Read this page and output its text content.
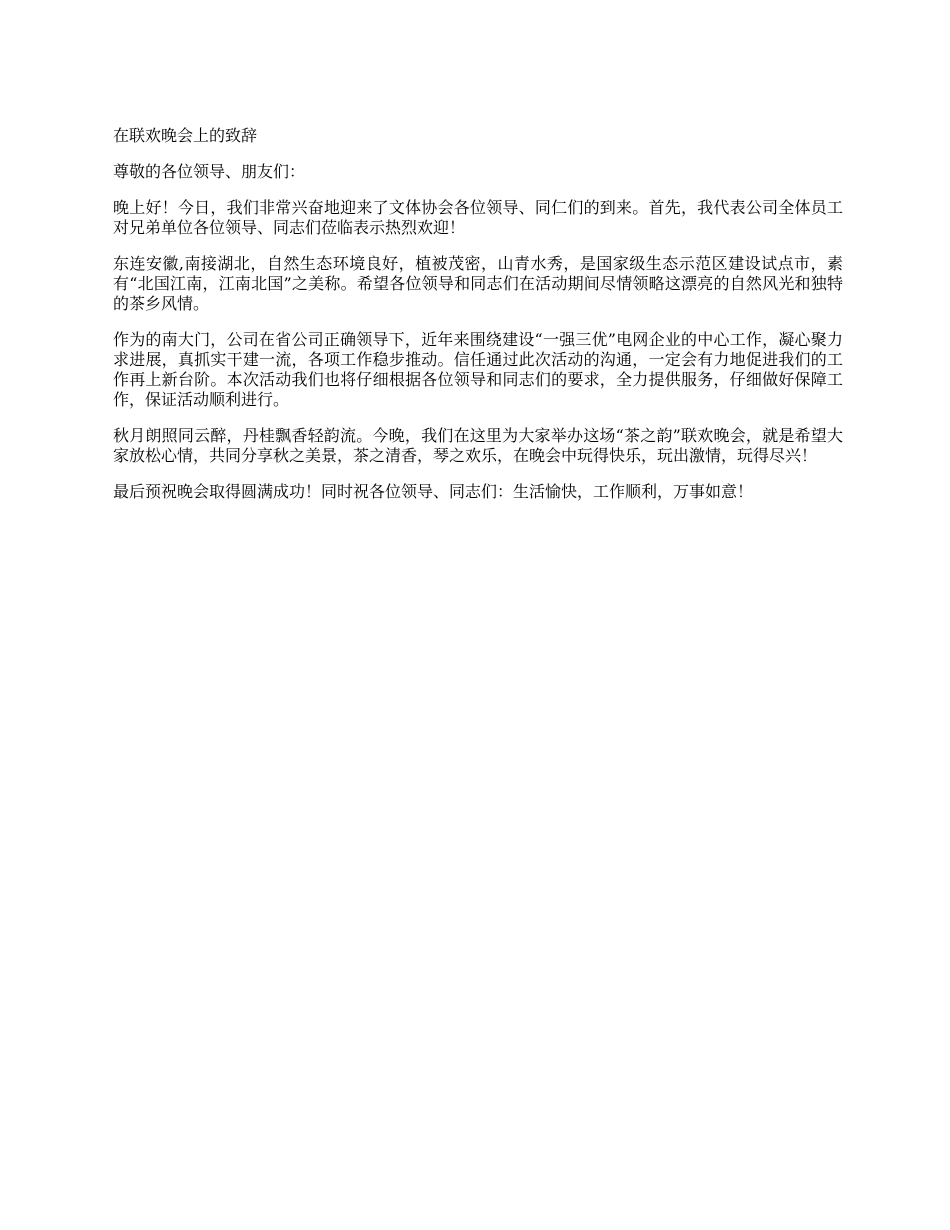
在联欢晚会上的致辞
尊敬的各位领导、朋友们：
晚上好！今日，我们非常兴奋地迎来了文体协会各位领导、同仁们的到来。首先，我代表公司全体员工对兄弟单位各位领导、同志们莅临表示热烈欢迎！
东连安徽,南接湖北，自然生态环境良好，植被茂密，山青水秀，是国家级生态示范区建设试点市，素有“北国江南，江南北国”之美称。希望各位领导和同志们在活动期间尽情领略这漂亮的自然风光和独特的茶乡风情。
作为的南大门，公司在省公司正确领导下，近年来围绕建设“一强三优”电网企业的中心工作，凝心聚力求进展，真抓实干建一流，各项工作稳步推动。信任通过此次活动的沟通，一定会有力地促进我们的工作再上新台阶。本次活动我们也将仔细根据各位领导和同志们的要求，全力提供服务，仔细做好保障工作，保证活动顺利进行。
秋月朗照同云醉，丹桂飘香轻韵流。今晚，我们在这里为大家举办这场“茶之韵”联欢晚会，就是希望大家放松心情，共同分享秋之美景，茶之清香，琴之欢乐，在晚会中玩得快乐，玩出激情，玩得尽兴！
最后预祝晚会取得圆满成功！同时祝各位领导、同志们：生活愉快，工作顺利，万事如意！
